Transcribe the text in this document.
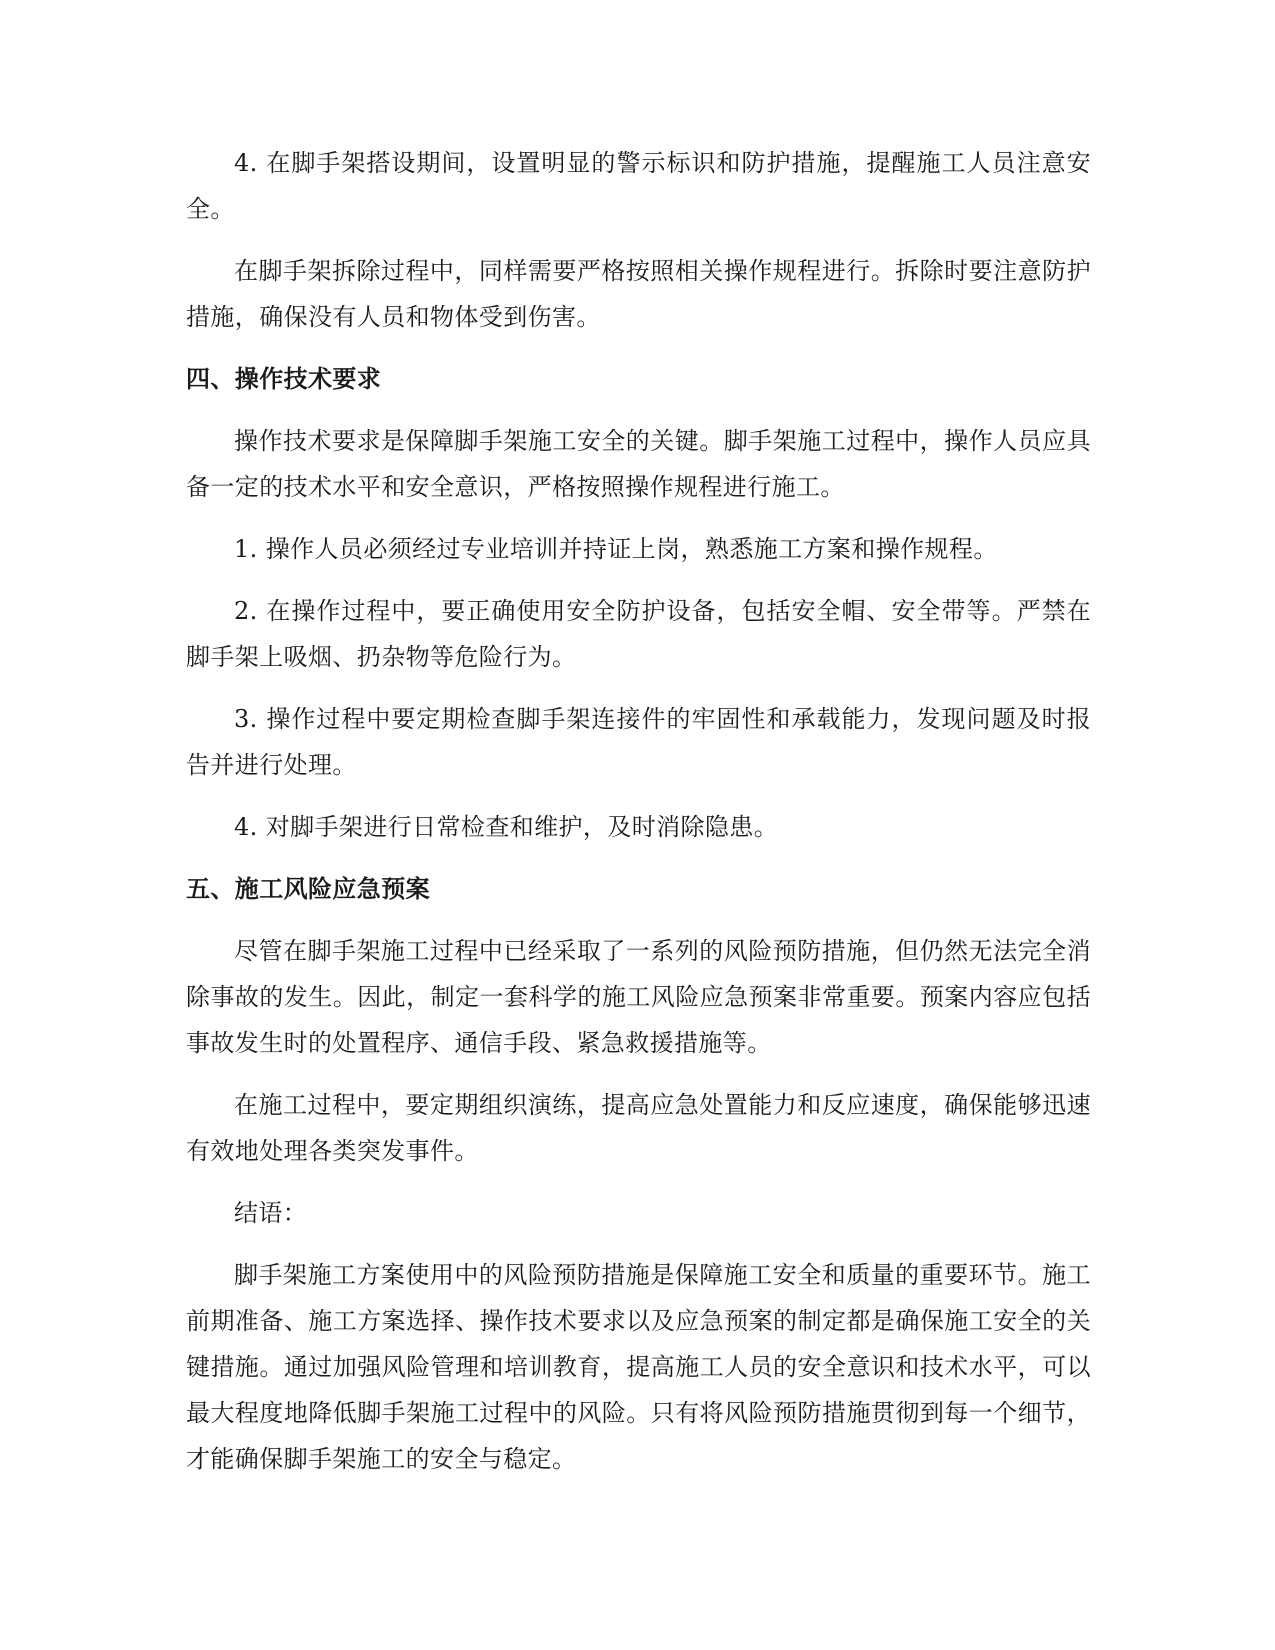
4. 在脚手架搭设期间，设置明显的警示标识和防护措施，提醒施工人员注意安全。

在脚手架拆除过程中，同样需要严格按照相关操作规程进行。拆除时要注意防护措施，确保没有人员和物体受到伤害。

四、操作技术要求

操作技术要求是保障脚手架施工安全的关键。脚手架施工过程中，操作人员应具备一定的技术水平和安全意识，严格按照操作规程进行施工。

1. 操作人员必须经过专业培训并持证上岗，熟悉施工方案和操作规程。

2. 在操作过程中，要正确使用安全防护设备，包括安全帽、安全带等。严禁在脚手架上吸烟、扔杂物等危险行为。

3. 操作过程中要定期检查脚手架连接件的牢固性和承载能力，发现问题及时报告并进行处理。

4. 对脚手架进行日常检查和维护，及时消除隐患。

五、施工风险应急预案

尽管在脚手架施工过程中已经采取了一系列的风险预防措施，但仍然无法完全消除事故的发生。因此，制定一套科学的施工风险应急预案非常重要。预案内容应包括事故发生时的处置程序、通信手段、紧急救援措施等。

在施工过程中，要定期组织演练，提高应急处置能力和反应速度，确保能够迅速有效地处理各类突发事件。

结语：

脚手架施工方案使用中的风险预防措施是保障施工安全和质量的重要环节。施工前期准备、施工方案选择、操作技术要求以及应急预案的制定都是确保施工安全的关键措施。通过加强风险管理和培训教育，提高施工人员的安全意识和技术水平，可以最大程度地降低脚手架施工过程中的风险。只有将风险预防措施贯彻到每一个细节，才能确保脚手架施工的安全与稳定。
